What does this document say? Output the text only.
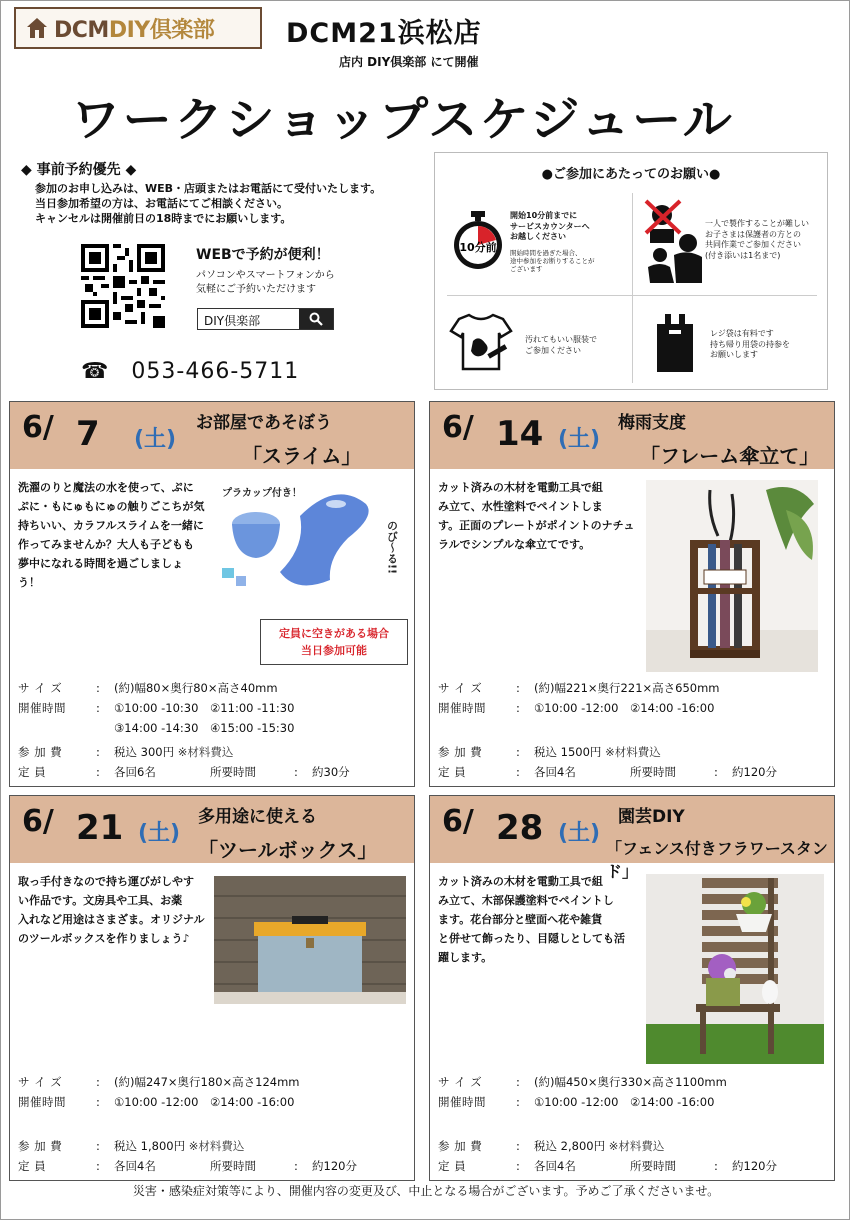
DCMDIY倶楽部	DCM21浜松店
店内 DIY倶楽部 にて開催
ワークショップスケジュール
◆ 事前予約優先 ◆
参加のお申し込みは、WEB・店頭またはお電話にて受付いたします。
当日参加希望の方は、お電話にてご相談ください。
キャンセルは開催前日の18時までにお願いします。
WEBで予約が便利！
パソコンやスマートフォンから
気軽にご予約いただけます
DIY倶楽部
☎ 053-466-5711
●ご参加にあたってのお願い●
10分前
開始10分前までに
サービスカウンターへ
お越しください
開始時間を過ぎた場合、
途中参加をお断りすることが
ございます
一人で製作することが難しい
お子さまは保護者の方との
共同作業でご参加ください
(付き添いは1名まで)
汚れてもいい服装で
ご参加ください
レジ袋は有料です
持ち帰り用袋の持参を
お願いします
6/ 7 (土)
お部屋であそぼう
「スライム」
洗濯のりと魔法の水を使って、ぷに
ぷに・もにゅもにゅの触りごこちが気
持ちいい、カラフルスライムを一緒に
作ってみませんか？大人も子どもも
夢中になれる時間を過ごしましょ
う！
プラカップ付き！
のび〜る!!
定員に空きがある場合
当日参加可能
サ イ ズ	:	(約)幅80×奥行80×高さ40mm
開催時間	:	①10:00 -10:30	②11:00 -11:30
③14:00 -14:30	④15:00 -15:30
参 加 費	:	税込 300円
※材料費込
定 員	:	各回6名	所要時間	:	約30分
6/ 14 (土)
梅雨支度
「フレーム傘立て」
カット済みの木材を電動工具で組
み立て、水性塗料でペイントしま
す。正面のプレートがポイントのナチュ
ラルでシンプルな傘立てです。
サ イ ズ	:	(約)幅221×奥行221×高さ650mm
開催時間	:	①10:00 -12:00	②14:00 -16:00
参 加 費	:	税込 1500円
※材料費込
定 員	:	各回4名	所要時間	:	約120分
6/ 21 (土)
多用途に使える
「ツールボックス」
取っ手付きなので持ち運びがしやす
い作品です。文房具や工具、お薬
入れなど用途はさまざま。オリジナル
のツールボックスを作りましょう♪
サ イ ズ	:	(約)幅247×奥行180×高さ124mm
開催時間	:	①10:00 -12:00	②14:00 -16:00
参 加 費	:	税込 1,800円
※材料費込
定 員	:	各回4名	所要時間	:	約120分
6/ 28 (土)
園芸DIY
「フェンス付きフラワースタンド」
カット済みの木材を電動工具で組
み立て、木部保護塗料でペイントし
ます。花台部分と壁面へ花や雑貨
と併せて飾ったり、目隠しとしても活
躍します。
サ イ ズ	:	(約)幅450×奥行330×高さ1100mm
開催時間	:	①10:00 -12:00	②14:00 -16:00
参 加 費	:	税込 2,800円
※材料費込
定 員	:	各回4名	所要時間	:	約120分
災害・感染症対策等により、開催内容の変更及び、中止となる場合がございます。予めご了承くださいませ。
